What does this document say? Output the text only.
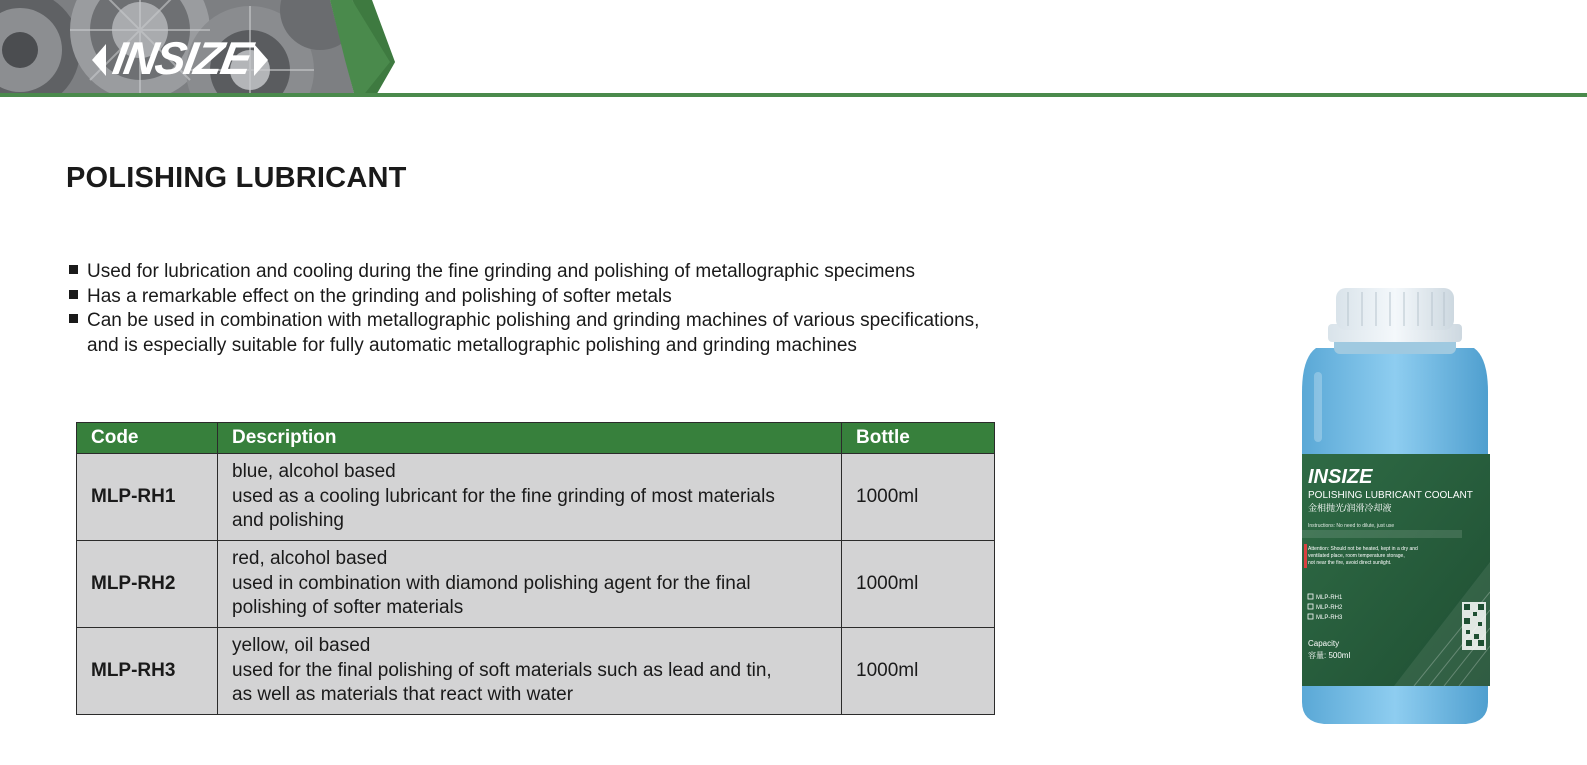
INSIZE
POLISHING LUBRICANT
Used for lubrication and cooling during the fine grinding and polishing of metallographic specimens
Has a remarkable effect on the grinding and polishing of softer metals
Can be used in combination with metallographic polishing and grinding machines of various specifications,
and is especially suitable for fully automatic metallographic polishing and grinding machines
Code	Description	Bottle
MLP-RH1	blue, alcohol based
used as a cooling lubricant for the fine grinding of most materials
and polishing	1000ml
MLP-RH2	red, alcohol based
used in combination with diamond polishing agent for the final
polishing of softer materials	1000ml
MLP-RH3	yellow, oil based
used for the final polishing of soft materials such as lead and tin,
as well as materials that react with water	1000ml
INSIZE
POLISHING LUBRICANT COOLANT
金相抛光/润滑冷却液
Instructions: No need to dilute, just use
Attention: Should not be heated, kept in a dry and
ventilated place, room temperature storage,
not near the fire, avoid direct sunlight.
MLP-RH1
MLP-RH2
MLP-RH3
Capacity
容量: 500ml
